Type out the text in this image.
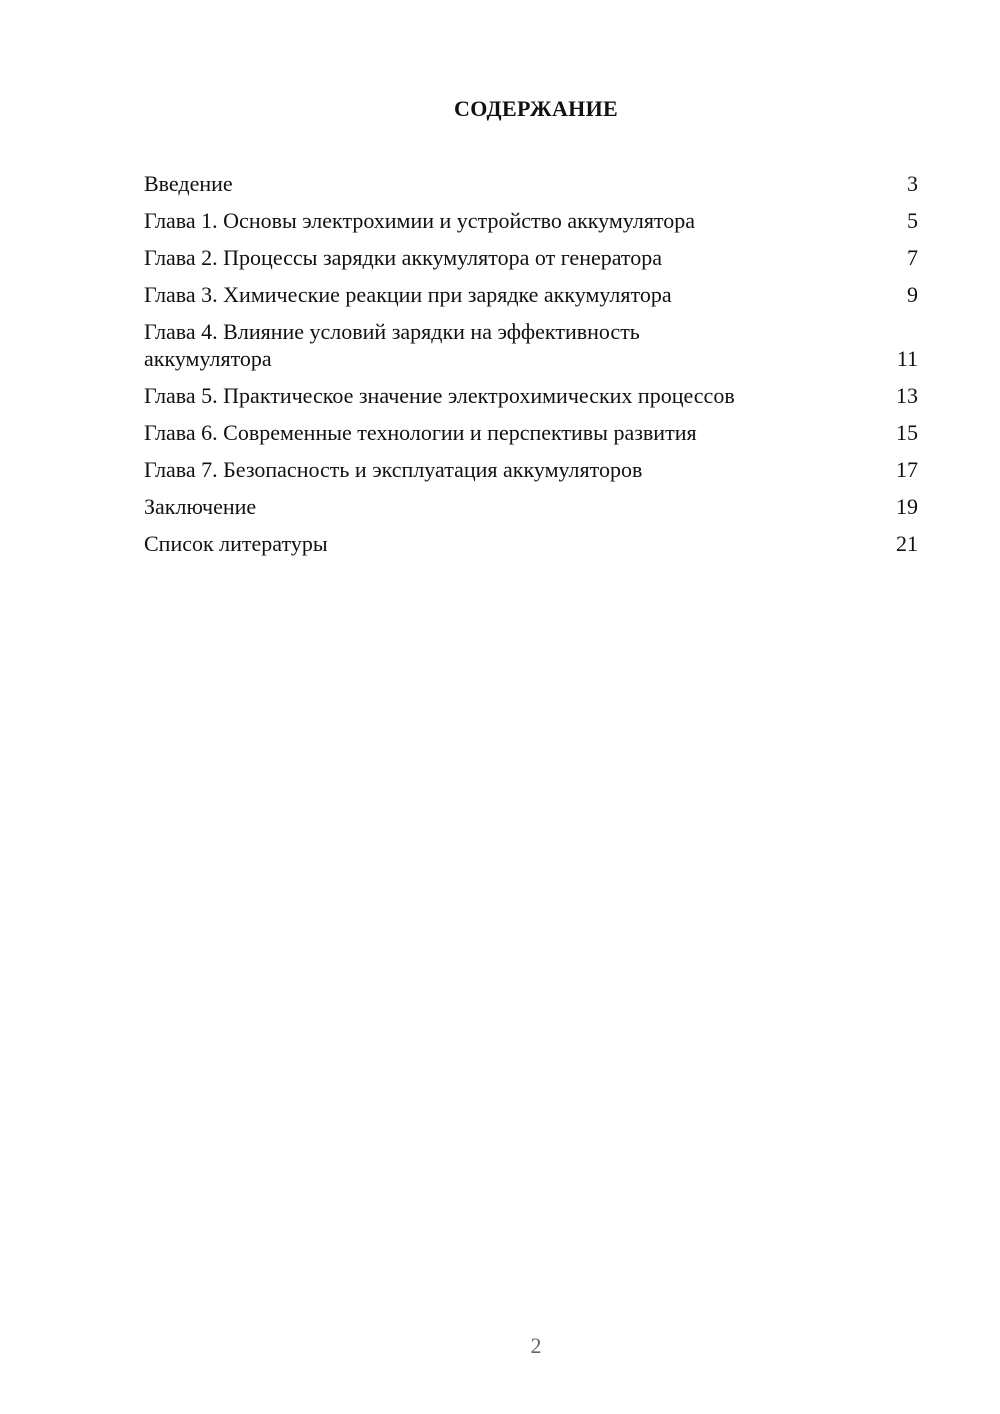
СОДЕРЖАНИЕ
Введение	3
Глава 1. Основы электрохимии и устройство аккумулятора	5
Глава 2. Процессы зарядки аккумулятора от генератора	7
Глава 3. Химические реакции при зарядке аккумулятора	9
Глава 4. Влияние условий зарядки на эффективность аккумулятора	11
Глава 5. Практическое значение электрохимических процессов	13
Глава 6. Современные технологии и перспективы развития	15
Глава 7. Безопасность и эксплуатация аккумуляторов	17
Заключение	19
Список литературы	21
2
